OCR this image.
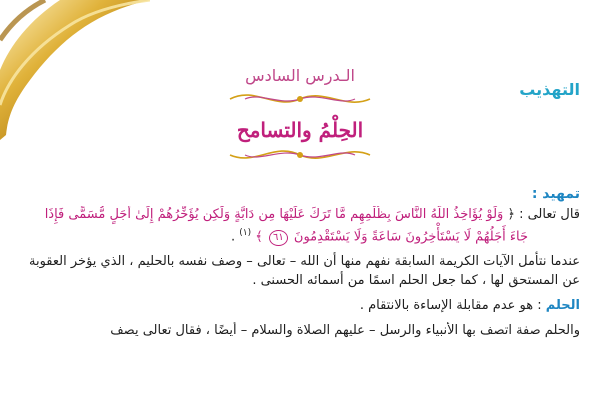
التهذيب
الـدرس السادس
الحِلْمُ والتسامح
تمهيد :
قال تعالى : ﴿
وَلَوْ يُؤَاخِذُ اللَّهُ النَّاسَ بِظُلْمِهِم مَّا تَرَكَ عَلَيْهَا مِن دَابَّةٍ وَلَٰكِن يُؤَخِّرُهُمْ إِلَىٰ أَجَلٍ مُّسَمًّى فَإِذَا
جَاءَ أَجَلُهُمْ لَا يَسْتَأْخِرُونَ سَاعَةً وَلَا يَسْتَقْدِمُونَ ٦١ ﴾ $^{(١)}$ .

عندما نتأمل الآيات الكريمة السابقة نفهم منها أن الله – تعالى – وصف نفسه بالحليم ، الذي يؤخر العقوبة عن المستحق لها ، كما جعل الحلم اسمًا من أسمائه الحسنى .

الحلم : هو عدم مقابلة الإساءة بالانتقام .

والحلم صفة اتصف بها الأنبياء والرسل – عليهم الصلاة والسلام – أيضًا ، فقال تعالى يصف
